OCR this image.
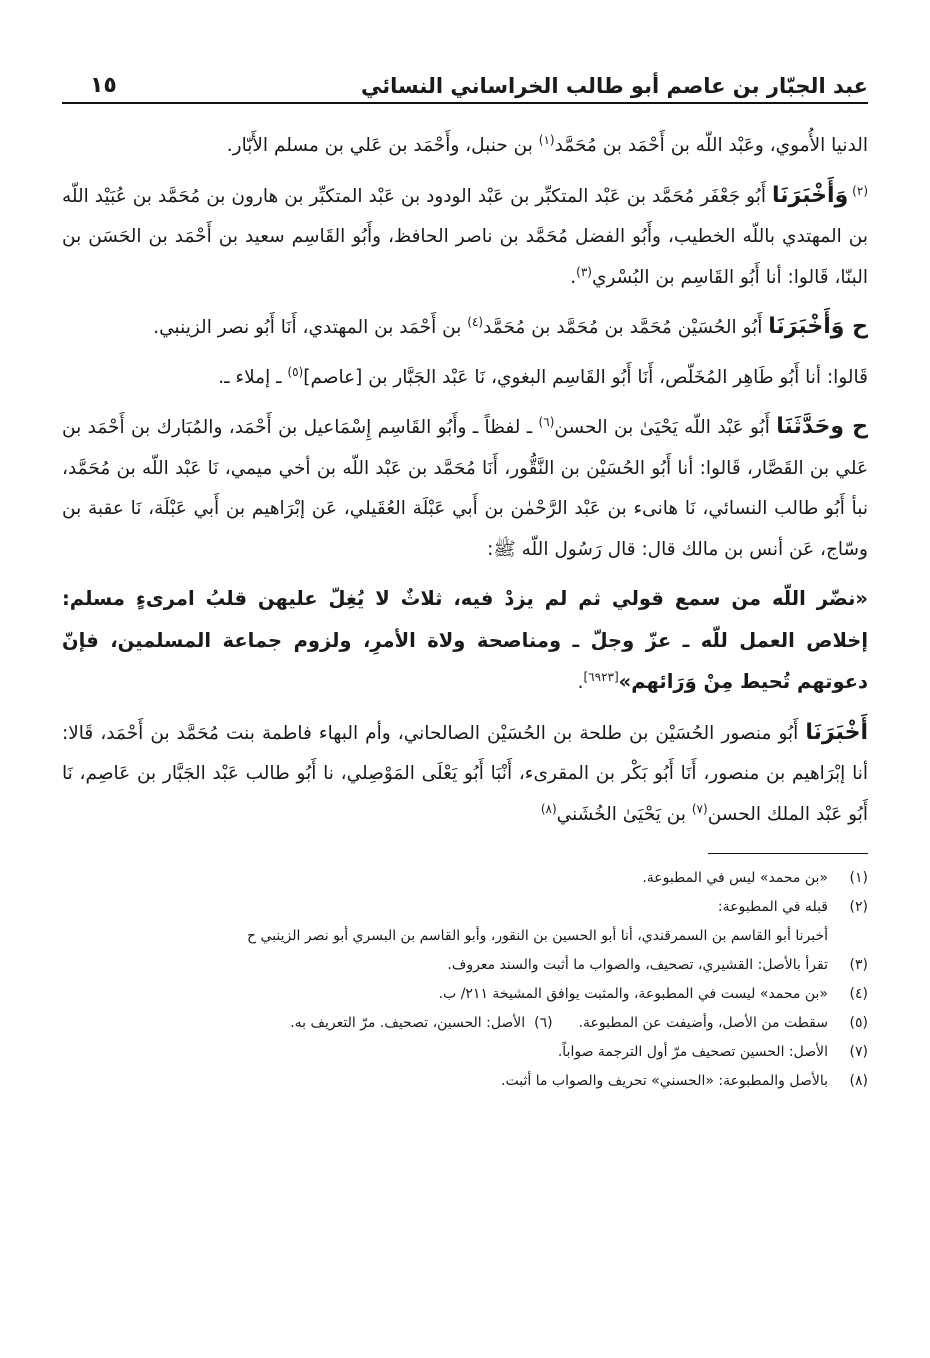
عبد الجبّار بن عاصم أبو طالب الخراساني النسائي
١٥

الدنيا الأُموي، وعَبْد اللّه بن أَحْمَد بن مُحَمَّد$^{(١)}$ بن حنبل، وأَحْمَد بن عَلي بن مسلم الأَبّار.

$^{(٢)}$ وَأَخْبَرَنَا أَبُو جَعْفَر مُحَمَّد بن عَبْد المتكبِّر بن عَبْد الودود بن عَبْد المتكبِّر بن هارون بن مُحَمَّد بن عُبَيْد اللّه بن المهتدي باللّه الخطيب، وأَبُو الفضل مُحَمَّد بن ناصر الحافظ، وأَبُو القَاسِم سعيد بن أَحْمَد بن الحَسَن بن البنّا، قَالوا: أنا أَبُو القَاسِم بن البُسْري$^{(٣)}$.

ح وَأَخْبَرَنَا أَبُو الحُسَيْن مُحَمَّد بن مُحَمَّد بن مُحَمَّد$^{(٤)}$ بن أَحْمَد بن المهتدي، أَنَا أَبُو نصر الزينبي.

قَالوا: أنا أَبُو طَاهِر المُخَلّص، أَنَا أَبُو القَاسِم البغوي، نَا عَبْد الجَبَّار بن [عاصم]$^{(٥)}$ ـ إملاء ـ.

ح وحَدَّثَنَا أَبُو عَبْد اللّه يَحْيَىٰ بن الحسن$^{(٦)}$ ـ لفظاً ـ وأَبُو القَاسِم إِسْمَاعيل بن أَحْمَد، والمُبَارك بن أَحْمَد بن عَلي بن القَصَّار، قَالوا: أنا أَبُو الحُسَيْن بن النَّقُّور، أَنَا مُحَمَّد بن عَبْد اللّه بن أخي ميمي، نَا عَبْد اللّه بن مُحَمَّد، نبأ أَبُو طالب النسائي، نَا هانىء بن عَبْد الرَّحْمٰن بن أَبي عَبْلَة العُقَيلي، عَن إبْرَاهيم بن أَبي عَبْلَة، نَا عقبة بن وسّاج، عَن أنس بن مالك قال: قال رَسُول اللّه ﷺ:

«نضّر اللّه من سمع قولي ثم لم يزدْ فيه، ثلاثٌ لا يُغِلّ عليهن قلبُ امرىءٍ مسلم: إخلاص العمل للّه ـ عزّ وجلّ ـ ومناصحة ولاة الأمرِ، ولزوم جماعة المسلمين، فإنّ دعوتهم تُحيط مِنْ وَرَائهم»[٦٩٢٣].

أَخْبَرَنَا أَبُو منصور الحُسَيْن بن طلحة بن الحُسَيْن الصالحاني، وأم البهاء فاطمة بنت مُحَمَّد بن أَحْمَد، قَالا: أنا إبْرَاهيم بن منصور، أَنَا أَبُو بَكْر بن المقرىء، أَنْبَا أَبُو يَعْلَى المَوْصِلي، نا أَبُو طالب عَبْد الجَبَّار بن عَاصِم، نَا أَبُو عَبْد الملك الحسن$^{(٧)}$ بن يَحْيَىٰ الخُشَني$^{(٨)}$

(١)
«بن محمد» ليس في المطبوعة.
(٢)
قبله في المطبوعة:
أخبرنا أبو القاسم بن السمرقندي، أنا أبو الحسين بن النقور، وأبو القاسم بن البسري أبو نصر الزينبي ح
(٣)
تقرأ بالأصل: القشيري، تصحيف، والصواب ما أثبت والسند معروف.
(٤)
«بن محمد» ليست في المطبوعة، والمثبت يوافق المشيخة ٢١١/ ب.
(٥)
سقطت من الأصل، وأضيفت عن المطبوعة.(٦)  الأصل: الحسين، تصحيف. مرّ التعريف به.
(٧)
الأصل: الحسين تصحيف مرّ أول الترجمة صواباً.
(٨)
بالأصل والمطبوعة: «الحسني» تحريف والصواب ما أثبت.
